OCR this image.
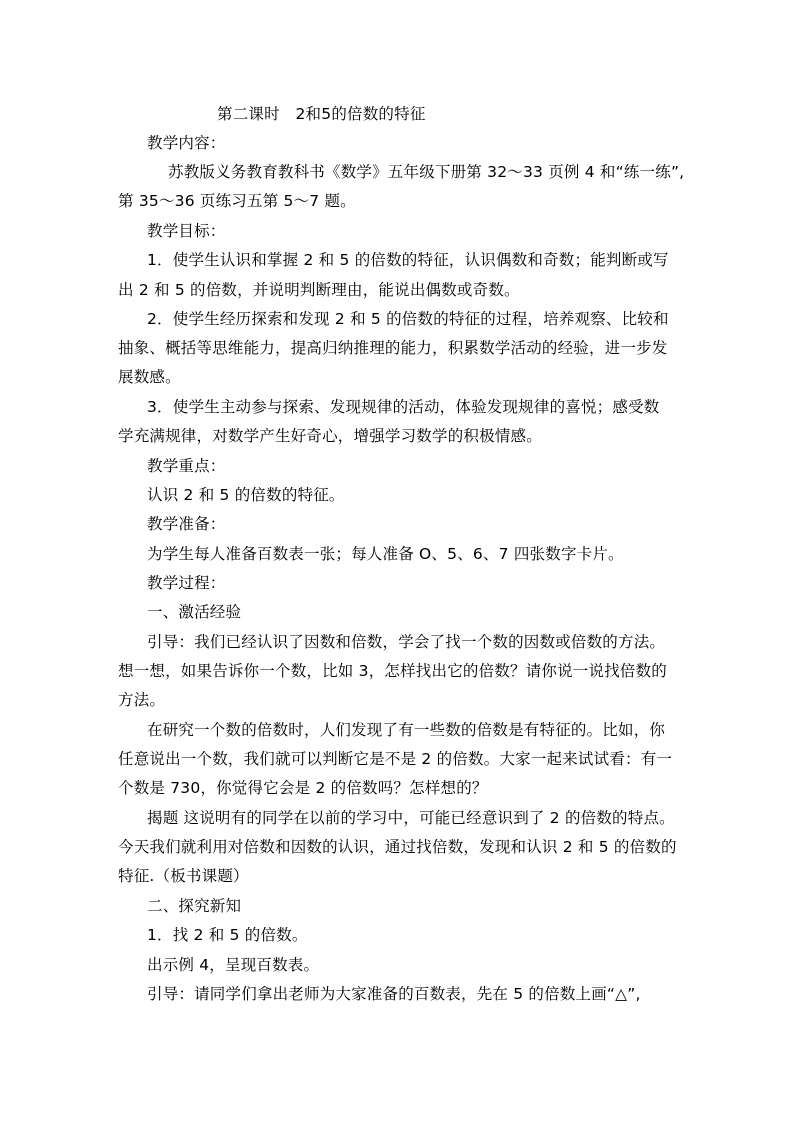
第二课时　2和5的倍数的特征
教学内容：
苏教版义务教育教科书《数学》五年级下册第 32～33 页例 4 和“练一练”,
第 35～36 页练习五第 5～7 题。
教学目标：
1．使学生认识和掌握 2 和 5 的倍数的特征，认识偶数和奇数；能判断或写
出 2 和 5 的倍数，并说明判断理由，能说出偶数或奇数。
2．使学生经历探索和发现 2 和 5 的倍数的特征的过程，培养观察、比较和
抽象、概括等思维能力，提高归纳推理的能力，积累数学活动的经验，进一步发
展数感。
3．使学生主动参与探索、发现规律的活动，体验发现规律的喜悦；感受数
学充满规律，对数学产生好奇心，增强学习数学的积极情感。
教学重点：
认识 2 和 5 的倍数的特征。
教学准备：
为学生每人准备百数表一张；每人准备 O、5、6、7 四张数字卡片。
教学过程：
一、激活经验
引导：我们已经认识了因数和倍数，学会了找一个数的因数或倍数的方法。
想一想，如果告诉你一个数，比如 3，怎样找出它的倍数？请你说一说找倍数的
方法。
在研究一个数的倍数时，人们发现了有一些数的倍数是有特征的。比如，你
任意说出一个数，我们就可以判断它是不是 2 的倍数。大家一起来试试看：有一
个数是 730，你觉得它会是 2 的倍数吗？怎样想的？
揭题 这说明有的同学在以前的学习中，可能已经意识到了 2 的倍数的特点。
今天我们就利用对倍数和因数的认识，通过找倍数，发现和认识 2 和 5 的倍数的
特征.（板书课题）
二、探究新知
1．找 2 和 5 的倍数。
出示例 4，呈现百数表。
引导：请同学们拿出老师为大家准备的百数表，先在 5 的倍数上画“△”,
